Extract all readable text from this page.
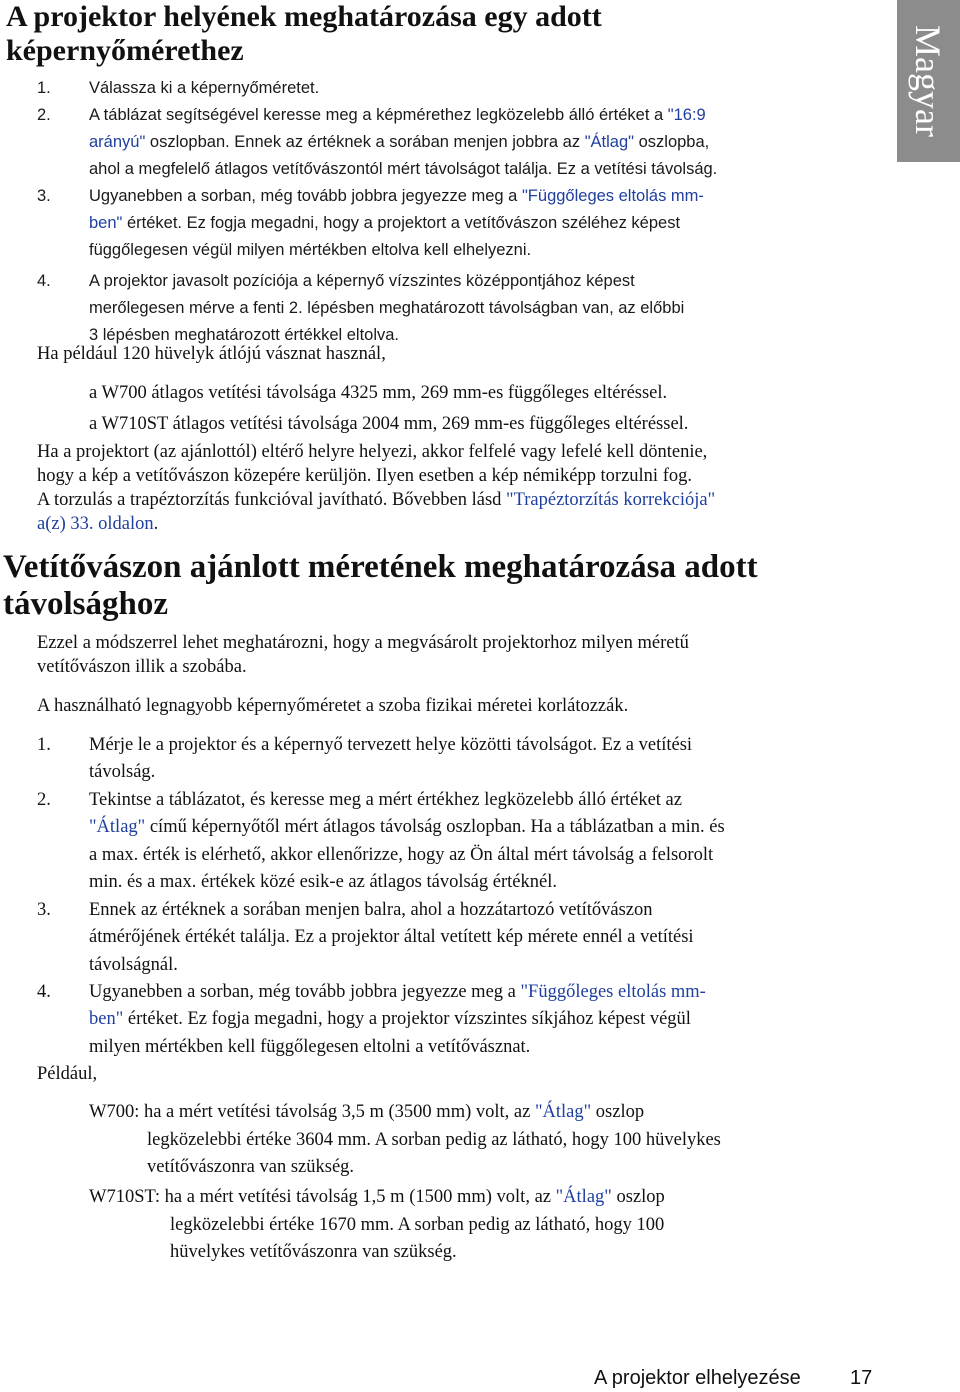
Magyar
A projektor helyének meghatározása egy adott
képernyőmérethez
1. Válassza ki a képernyőméretet.
2. A táblázat segítségével keresse meg a képmérethez legközelebb álló értéket a "16:9
arányú" oszlopban. Ennek az értéknek a sorában menjen jobbra az "Átlag" oszlopba,
ahol a megfelelő átlagos vetítővászontól mért távolságot találja. Ez a vetítési távolság.
3. Ugyanebben a sorban, még tovább jobbra jegyezze meg a "Függőleges eltolás mm-
ben" értéket. Ez fogja megadni, hogy a projektort a vetítővászon széléhez képest
függőlegesen végül milyen mértékben eltolva kell elhelyezni.
4. A projektor javasolt pozíciója a képernyő vízszintes középpontjához képest
merőlegesen mérve a fenti 2. lépésben meghatározott távolságban van, az előbbi
3 lépésben meghatározott értékkel eltolva.
Ha például 120 hüvelyk átlójú vásznat használ,
a W700 átlagos vetítési távolsága 4325 mm, 269 mm-es függőleges eltéréssel.
a W710ST átlagos vetítési távolsága 2004 mm, 269 mm-es függőleges eltéréssel.
Ha a projektort (az ajánlottól) eltérő helyre helyezi, akkor felfelé vagy lefelé kell döntenie,
hogy a kép a vetítővászon közepére kerüljön. Ilyen esetben a kép némiképp torzulni fog.
A torzulás a trapéztorzítás funkcióval javítható. Bővebben lásd "Trapéztorzítás korrekciója"
a(z) 33. oldalon.
Vetítővászon ajánlott méretének meghatározása adott
távolsághoz
Ezzel a módszerrel lehet meghatározni, hogy a megvásárolt projektorhoz milyen méretű
vetítővászon illik a szobába.
A használható legnagyobb képernyőméretet a szoba fizikai méretei korlátozzák.
1. Mérje le a projektor és a képernyő tervezett helye közötti távolságot. Ez a vetítési
távolság.
2. Tekintse a táblázatot, és keresse meg a mért értékhez legközelebb álló értéket az
"Átlag" című képernyőtől mért átlagos távolság oszlopban. Ha a táblázatban a min. és
a max. érték is elérhető, akkor ellenőrizze, hogy az Ön által mért távolság a felsorolt
min. és a max. értékek közé esik-e az átlagos távolság értéknél.
3. Ennek az értéknek a sorában menjen balra, ahol a hozzátartozó vetítővászon
átmérőjének értékét találja. Ez a projektor által vetített kép mérete ennél a vetítési
távolságnál.
4. Ugyanebben a sorban, még tovább jobbra jegyezze meg a "Függőleges eltolás mm-
ben" értéket. Ez fogja megadni, hogy a projektor vízszintes síkjához képest végül
milyen mértékben kell függőlegesen eltolni a vetítővásznat.
Például,
W700: ha a mért vetítési távolság 3,5 m (3500 mm) volt, az "Átlag" oszlop
legközelebbi értéke 3604 mm. A sorban pedig az látható, hogy 100 hüvelykes
vetítővászonra van szükség.
W710ST: ha a mért vetítési távolság 1,5 m (1500 mm) volt, az "Átlag" oszlop
legközelebbi értéke 1670 mm. A sorban pedig az látható, hogy 100
hüvelykes vetítővászonra van szükség.
A projektor elhelyezése 17
